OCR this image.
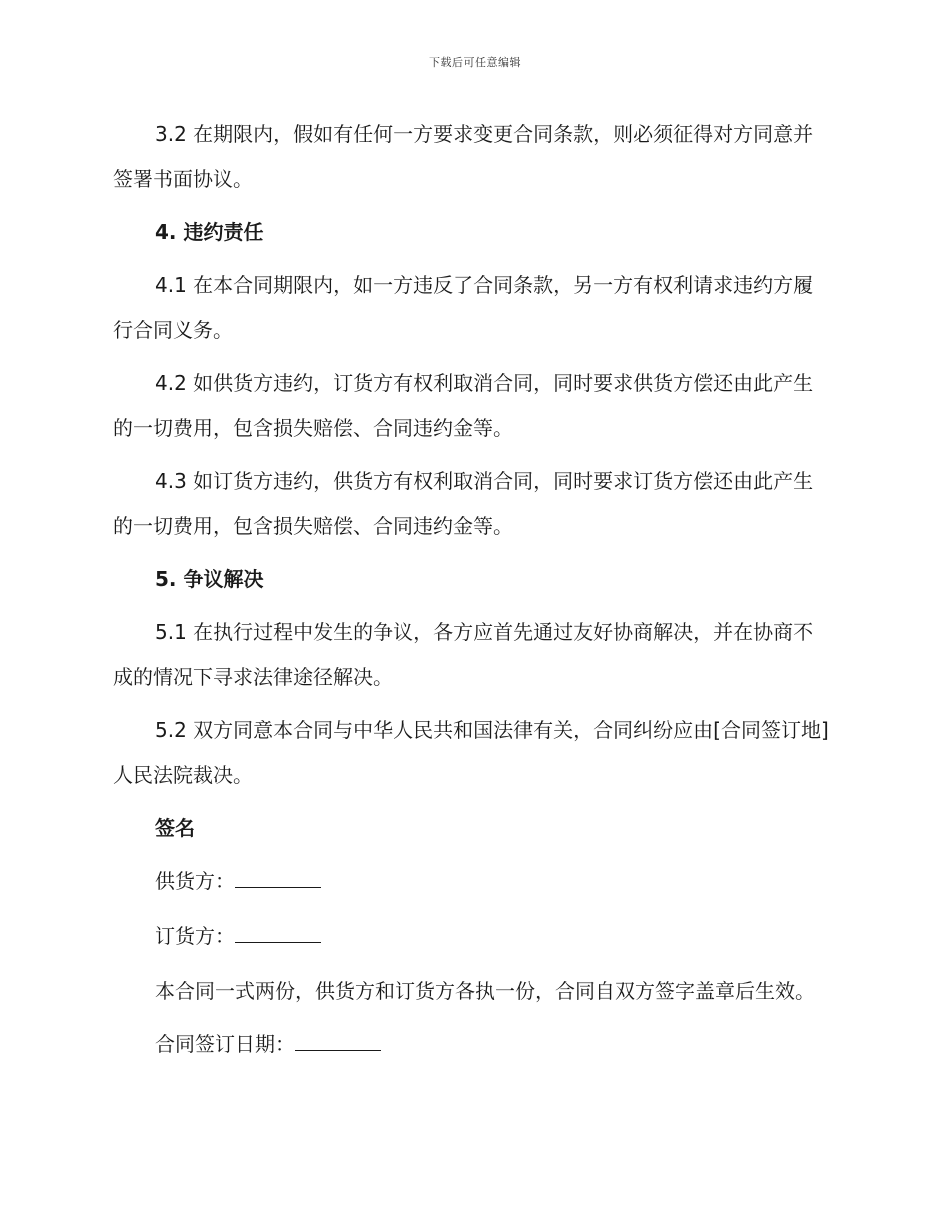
下载后可任意编辑

3.2 在期限内，假如有任何一方要求变更合同条款，则必须征得对方同意并签署书面协议。

4. 违约责任

4.1 在本合同期限内，如一方违反了合同条款，另一方有权利请求违约方履行合同义务。

4.2 如供货方违约，订货方有权利取消合同，同时要求供货方偿还由此产生的一切费用，包含损失赔偿、合同违约金等。

4.3 如订货方违约，供货方有权利取消合同，同时要求订货方偿还由此产生的一切费用，包含损失赔偿、合同违约金等。

5. 争议解决

5.1 在执行过程中发生的争议，各方应首先通过友好协商解决，并在协商不成的情况下寻求法律途径解决。

5.2 双方同意本合同与中华人民共和国法律有关，合同纠纷应由[合同签订地]人民法院裁决。

签名
供货方：
订货方：

本合同一式两份，供货方和订货方各执一份，合同自双方签字盖章后生效。

合同签订日期：
